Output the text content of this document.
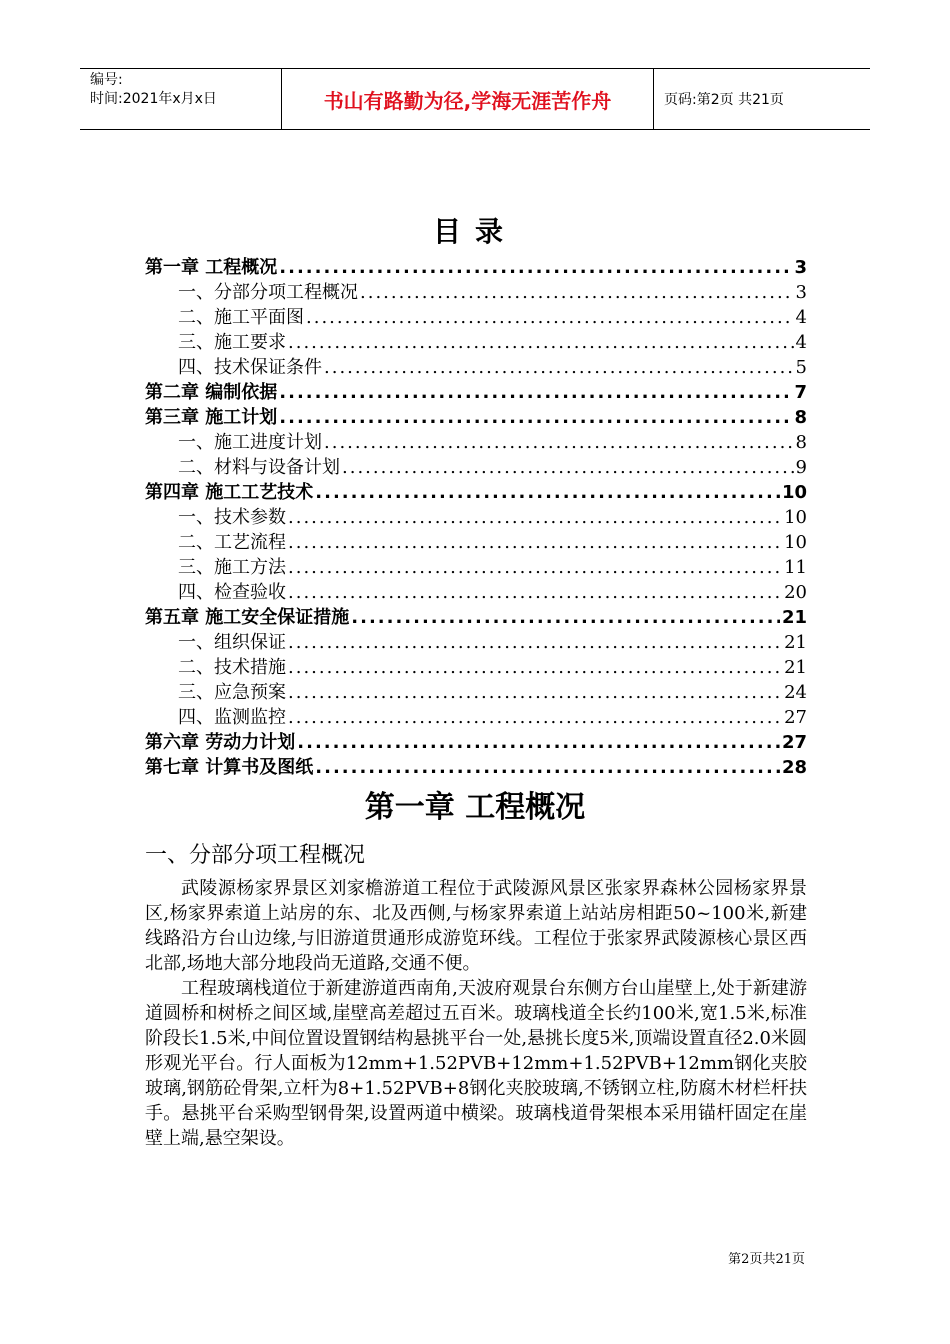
编号:
时间:2021年x月x日	书山有路勤为径,学海无涯苦作舟	页码:第2页 共21页
目录
第一章 工程概况 .....	3
一、分部分项工程概况 .....	3
二、施工平面图 .....	4
三、施工要求 .....	4
四、技术保证条件 .....	5
第二章 编制依据 .....	7
第三章 施工计划 .....	8
一、施工进度计划 .....	8
二、材料与设备计划 .....	9
第四章 施工工艺技术 .....	10
一、技术参数 .....	10
二、工艺流程 .....	10
三、施工方法 .....	11
四、检查验收 .....	20
第五章 施工安全保证措施 .....	21
一、组织保证 .....	21
二、技术措施 .....	21
三、应急预案 .....	24
四、监测监控 .....	27
第六章 劳动力计划 .....	27
第七章 计算书及图纸 .....	28
第一章 工程概况
一、分部分项工程概况

武陵源杨家界景区刘家檐游道工程位于武陵源风景区张家界森林公园杨家界景区,杨家界索道上站房的东、北及西侧,与杨家界索道上站站房相距50~100米,新建线路沿方台山边缘,与旧游道贯通形成游览环线。工程位于张家界武陵源核心景区西北部,场地大部分地段尚无道路,交通不便。

工程玻璃栈道位于新建游道西南角,天波府观景台东侧方台山崖壁上,处于新建游道圆桥和树桥之间区域,崖壁高差超过五百米。玻璃栈道全长约100米,宽1.5米,标准阶段长1.5米,中间位置设置钢结构悬挑平台一处,悬挑长度5米,顶端设置直径2.0米圆形观光平台。行人面板为12mm+1.52PVB+12mm+1.52PVB+12mm钢化夹胶玻璃,钢筋砼骨架,立杆为8+1.52PVB+8钢化夹胶玻璃,不锈钢立柱,防腐木材栏杆扶手。悬挑平台采购型钢骨架,设置两道中横梁。玻璃栈道骨架根本采用锚杆固定在崖壁上端,悬空架设。

第2页共21页
